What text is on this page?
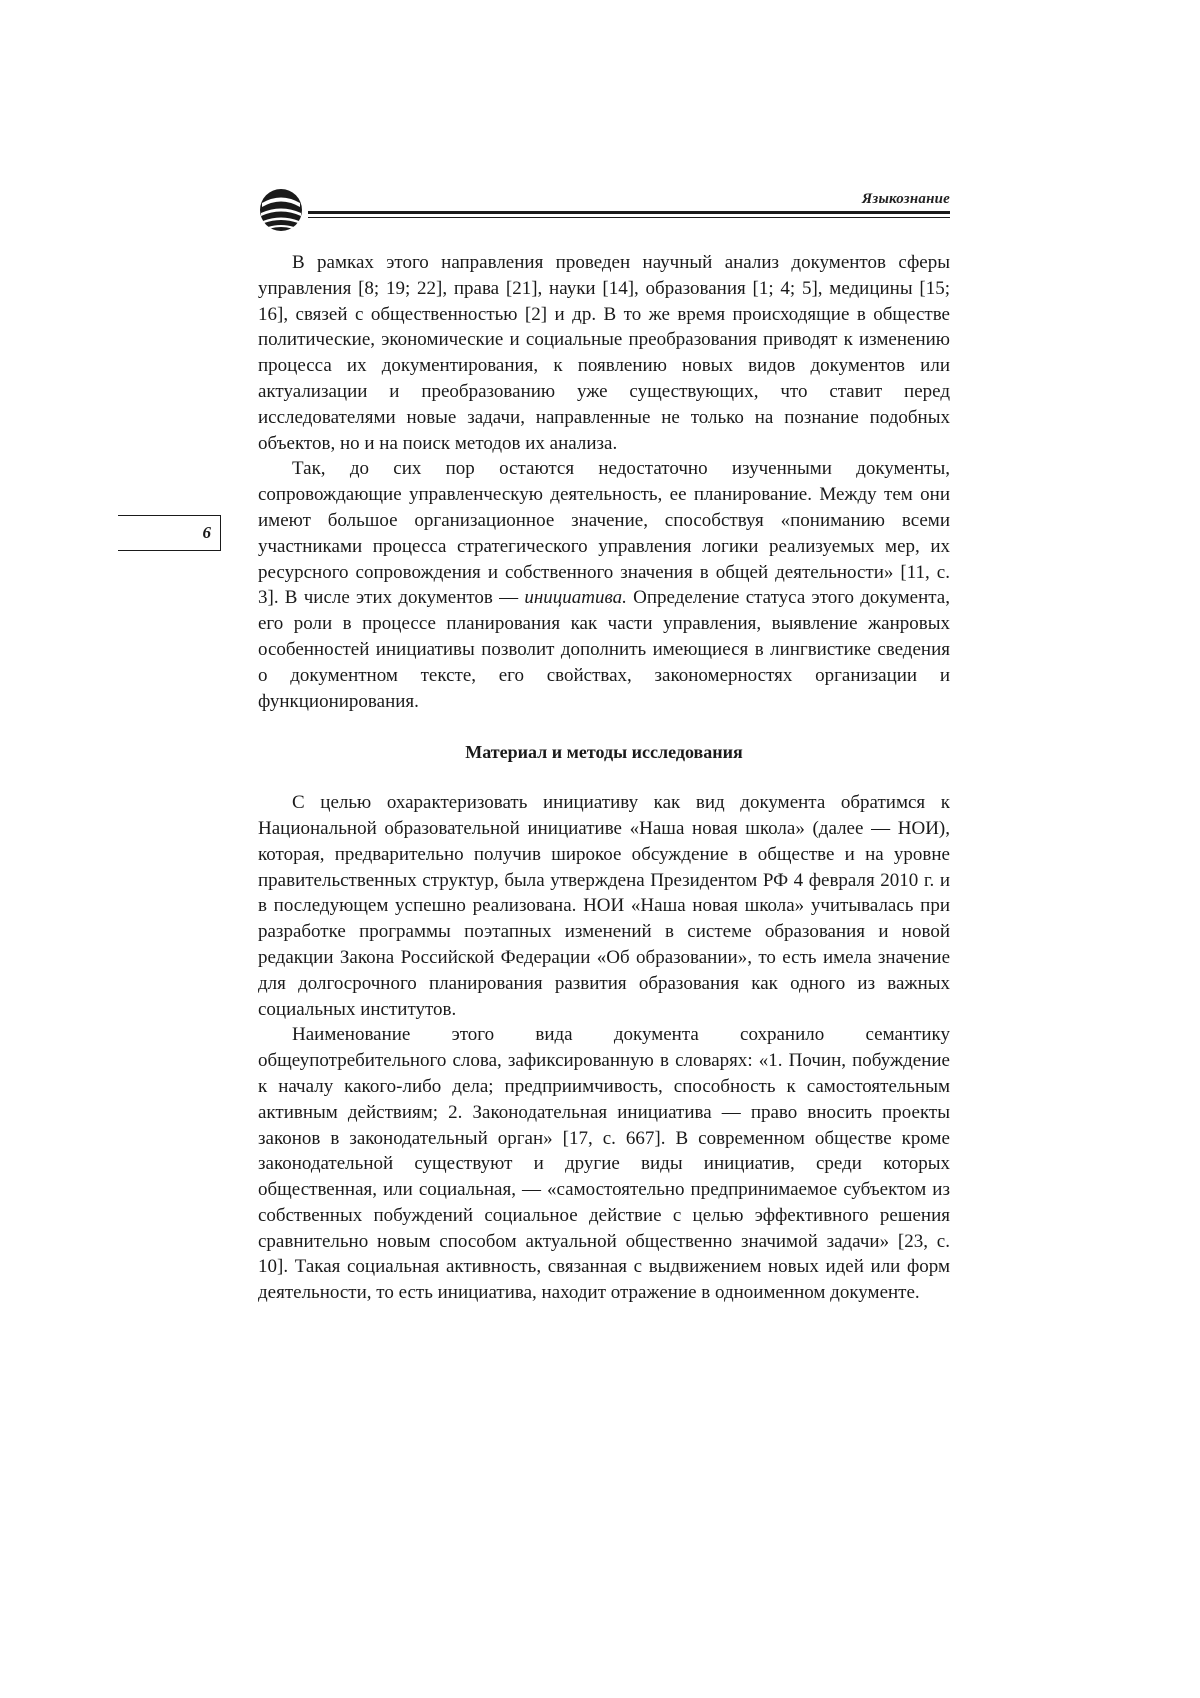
Языкознание
6

В рамках этого направления проведен научный анализ документов сферы управления [8; 19; 22], права [21], науки [14], образования [1; 4; 5], медицины [15; 16], связей с общественностью [2] и др. В то же время происходящие в обществе политические, экономические и социальные преобразования приводят к изменению процесса их документирования, к появлению новых видов документов или актуализации и преобразованию уже существующих, что ставит перед исследователями новые задачи, направленные не только на познание подобных объектов, но и на поиск методов их анализа.

Так, до сих пор остаются недостаточно изученными документы, сопровождающие управленческую деятельность, ее планирование. Между тем они имеют большое организационное значение, способствуя «пониманию всеми участниками процесса стратегического управления логики реализуемых мер, их ресурсного сопровождения и собственного значения в общей деятельности» [11, с. 3]. В числе этих документов — инициатива. Определение статуса этого документа, его роли в процессе планирования как части управления, выявление жанровых особенностей инициативы позволит дополнить имеющиеся в лингвистике сведения о документном тексте, его свойствах, закономерностях организации и функционирования.

Материал и методы исследования

С целью охарактеризовать инициативу как вид документа обратимся к Национальной образовательной инициативе «Наша новая школа» (далее — НОИ), которая, предварительно получив широкое обсуждение в обществе и на уровне правительственных структур, была утверждена Президентом РФ 4 февраля 2010 г. и в последующем успешно реализована. НОИ «Наша новая школа» учитывалась при разработке программы поэтапных изменений в системе образования и новой редакции Закона Российской Федерации «Об образовании», то есть имела значение для долгосрочного планирования развития образования как одного из важных социальных институтов.

Наименование этого вида документа сохранило семантику общеупотребительного слова, зафиксированную в словарях: «1. Почин, побуждение к началу какого-либо дела; предприимчивость, способность к самостоятельным активным действиям; 2. Законодательная инициатива — право вносить проекты законов в законодательный орган» [17, с. 667]. В современном обществе кроме законодательной существуют и другие виды инициатив, среди которых общественная, или социальная, — «самостоятельно предпринимаемое субъектом из собственных побуждений социальное действие с целью эффективного решения сравнительно новым способом актуальной общественно значимой задачи» [23, с. 10]. Такая социальная активность, связанная с выдвижением новых идей или форм деятельности, то есть инициатива, находит отражение в одноименном документе.
